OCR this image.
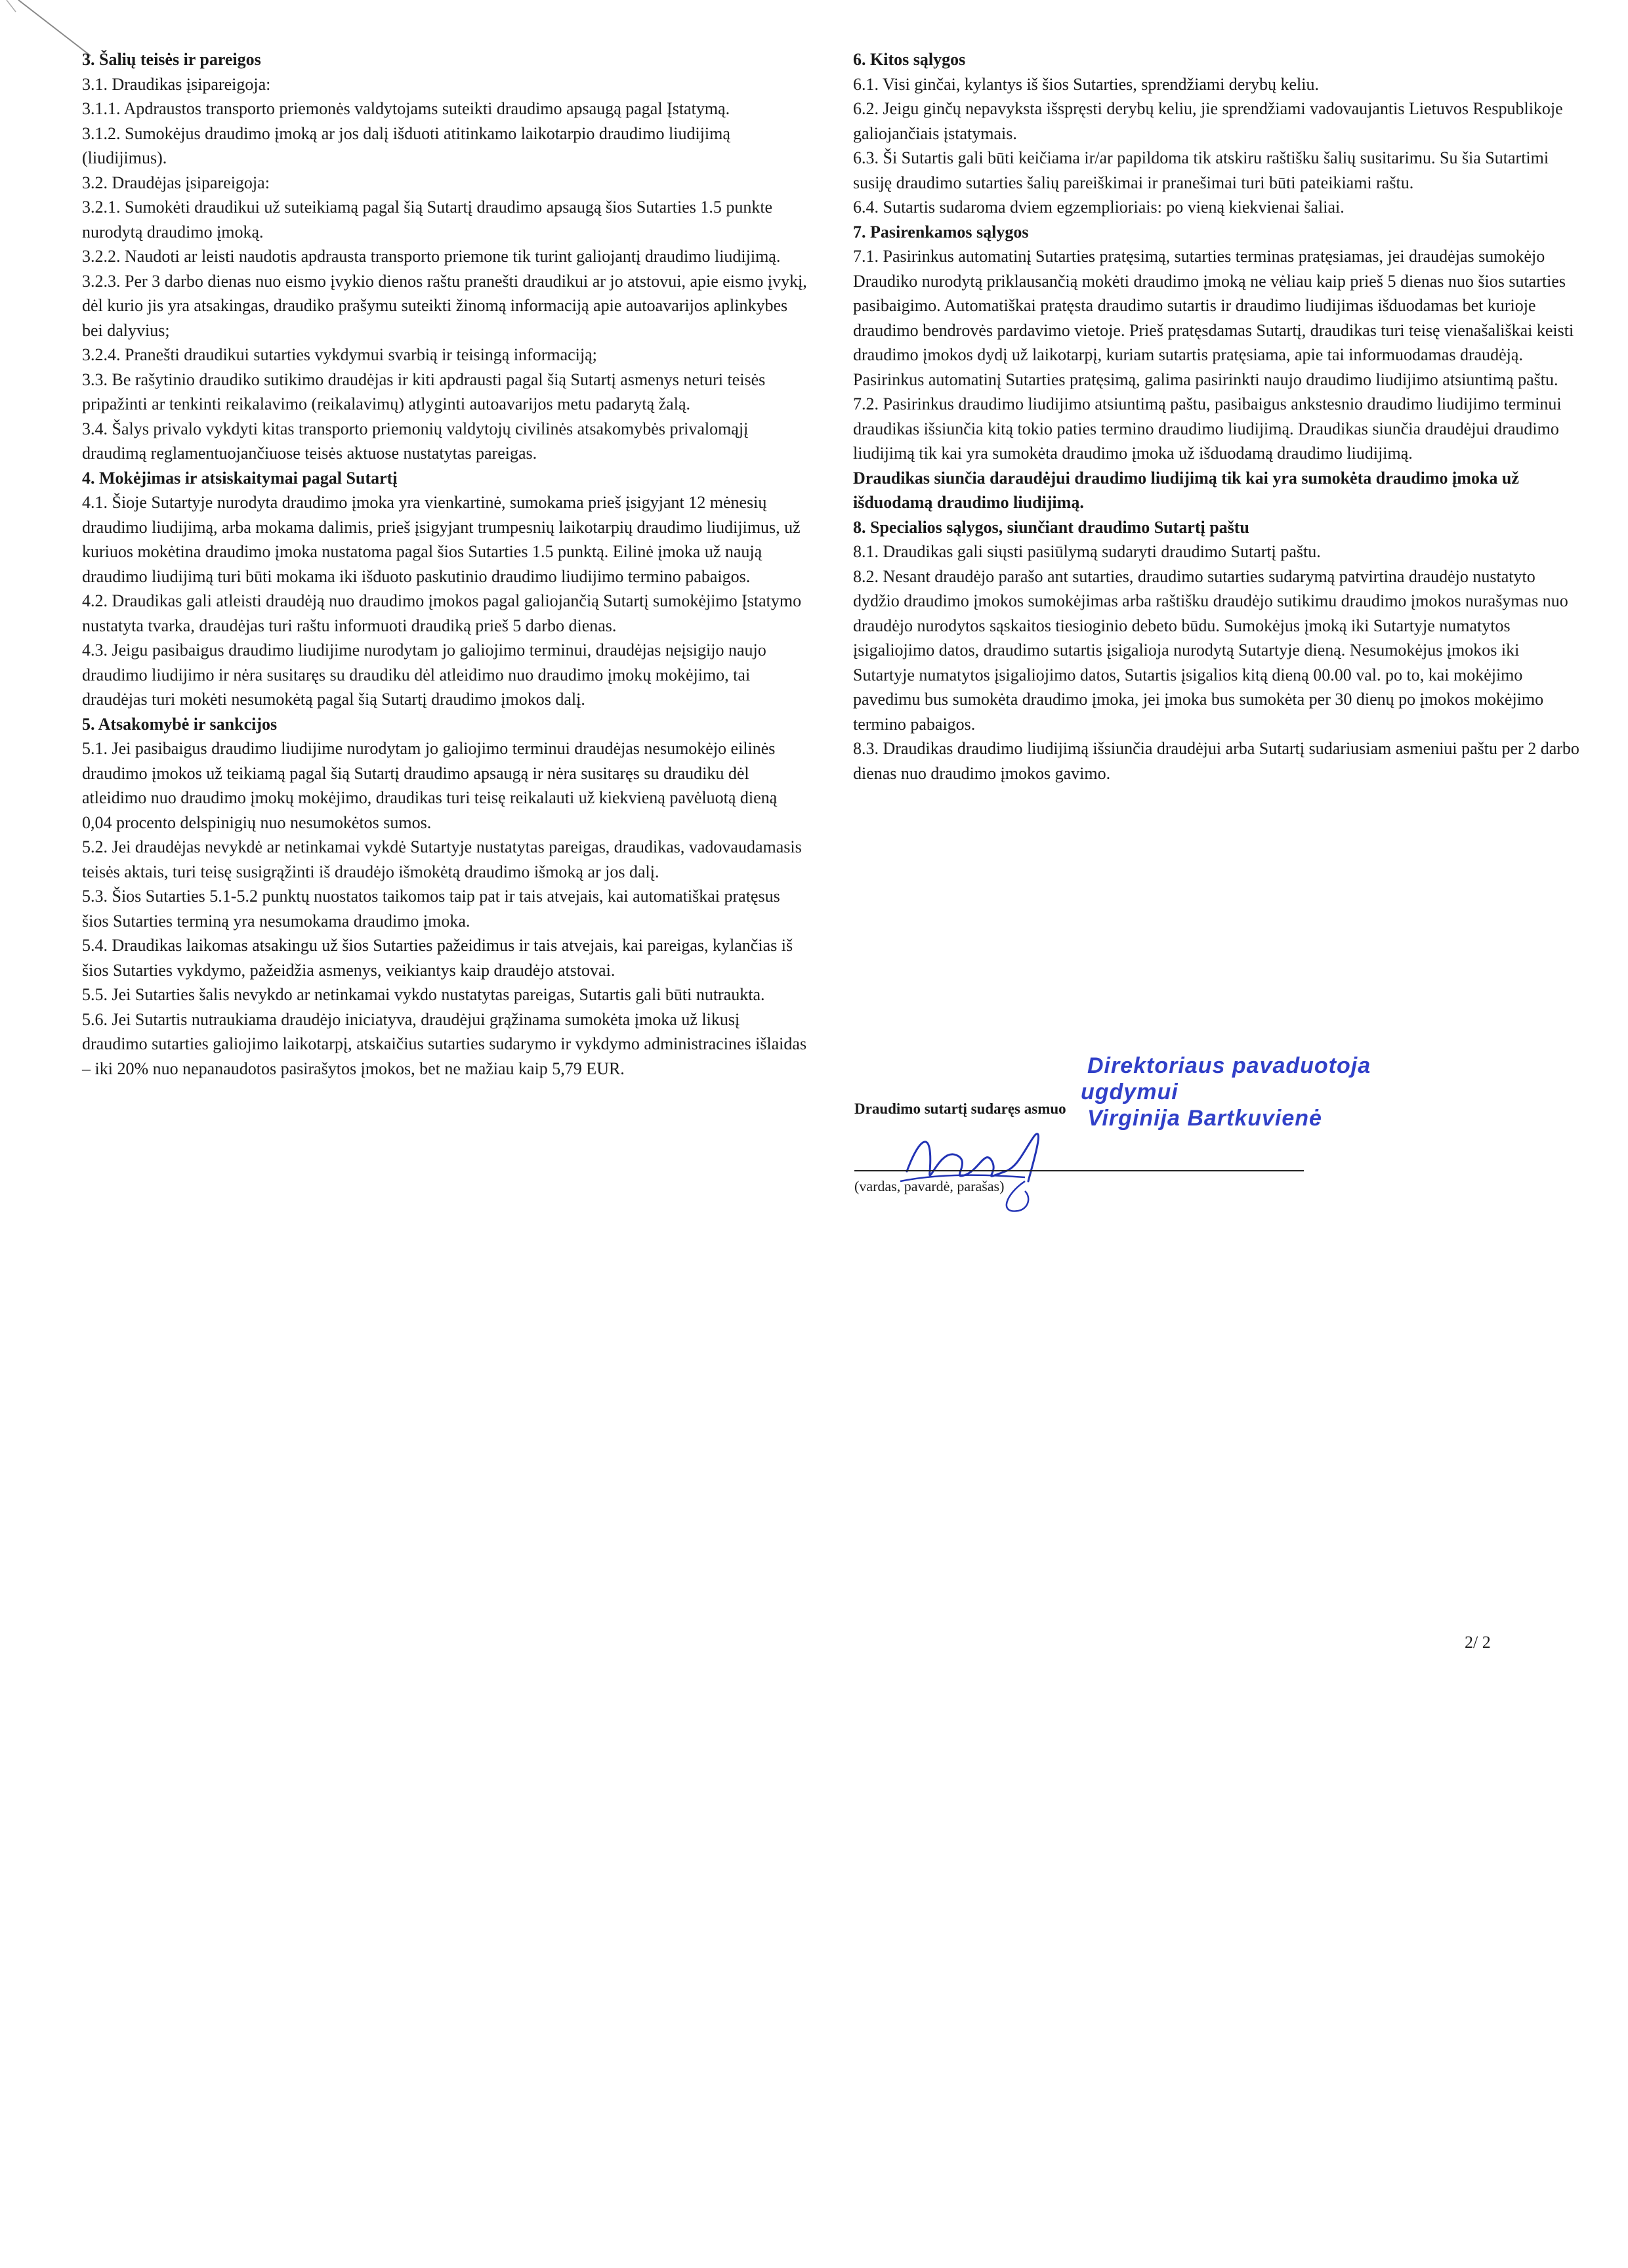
3. Šalių teisės ir pareigos

3.1. Draudikas įsipareigoja:

3.1.1. Apdraustos transporto priemonės valdytojams suteikti draudimo apsaugą pagal Įstatymą.

3.1.2. Sumokėjus draudimo įmoką ar jos dalį išduoti atitinkamo laikotarpio draudimo liudijimą (liudijimus).

3.2. Draudėjas įsipareigoja:

3.2.1. Sumokėti draudikui už suteikiamą pagal šią Sutartį draudimo apsaugą šios Sutarties 1.5 punkte nurodytą draudimo įmoką.

3.2.2. Naudoti ar leisti naudotis apdrausta transporto priemone tik turint galiojantį draudimo liudijimą.

3.2.3. Per 3 darbo dienas nuo eismo įvykio dienos raštu pranešti draudikui ar jo atstovui, apie eismo įvykį, dėl kurio jis yra atsakingas, draudiko prašymu suteikti žinomą informaciją apie autoavarijos aplinkybes bei dalyvius;

3.2.4. Pranešti draudikui sutarties vykdymui svarbią ir teisingą informaciją;

3.3. Be rašytinio draudiko sutikimo draudėjas ir kiti apdrausti pagal šią Sutartį asmenys neturi teisės pripažinti ar tenkinti reikalavimo (reikalavimų) atlyginti autoavarijos metu padarytą žalą.

3.4. Šalys privalo vykdyti kitas transporto priemonių valdytojų civilinės atsakomybės privalomąjį draudimą reglamentuojančiuose teisės aktuose nustatytas pareigas.

4. Mokėjimas ir atsiskaitymai pagal Sutartį

4.1. Šioje Sutartyje nurodyta draudimo įmoka yra vienkartinė, sumokama prieš įsigyjant 12 mėnesių draudimo liudijimą, arba mokama dalimis, prieš įsigyjant trumpesnių laikotarpių draudimo liudijimus, už kuriuos mokėtina draudimo įmoka nustatoma pagal šios Sutarties 1.5 punktą. Eilinė įmoka už naują draudimo liudijimą turi būti mokama iki išduoto paskutinio draudimo liudijimo termino pabaigos.

4.2. Draudikas gali atleisti draudėją nuo draudimo įmokos pagal galiojančią Sutartį sumokėjimo Įstatymo nustatyta tvarka, draudėjas turi raštu informuoti draudiką prieš 5 darbo dienas.

4.3. Jeigu pasibaigus draudimo liudijime nurodytam jo galiojimo terminui, draudėjas neįsigijo naujo draudimo liudijimo ir nėra susitaręs su draudiku dėl atleidimo nuo draudimo įmokų mokėjimo, tai draudėjas turi mokėti nesumokėtą pagal šią Sutartį draudimo įmokos dalį.

5. Atsakomybė ir sankcijos

5.1. Jei pasibaigus draudimo liudijime nurodytam jo galiojimo terminui draudėjas nesumokėjo eilinės draudimo įmokos už teikiamą pagal šią Sutartį draudimo apsaugą ir nėra susitaręs su draudiku dėl atleidimo nuo draudimo įmokų mokėjimo, draudikas turi teisę reikalauti už kiekvieną pavėluotą dieną 0,04 procento delspinigių nuo nesumokėtos sumos.

5.2. Jei draudėjas nevykdė ar netinkamai vykdė Sutartyje nustatytas pareigas, draudikas, vadovaudamasis teisės aktais, turi teisę susigrąžinti iš draudėjo išmokėtą draudimo išmoką ar jos dalį.

5.3. Šios Sutarties 5.1-5.2 punktų nuostatos taikomos taip pat ir tais atvejais, kai automatiškai pratęsus šios Sutarties terminą yra nesumokama draudimo įmoka.

5.4. Draudikas laikomas atsakingu už šios Sutarties pažeidimus ir tais atvejais, kai pareigas, kylančias iš šios Sutarties vykdymo, pažeidžia asmenys, veikiantys kaip draudėjo atstovai.

5.5. Jei Sutarties šalis nevykdo ar netinkamai vykdo nustatytas pareigas, Sutartis gali būti nutraukta.

5.6. Jei Sutartis nutraukiama draudėjo iniciatyva, draudėjui grąžinama sumokėta įmoka už likusį draudimo sutarties galiojimo laikotarpį, atskaičius sutarties sudarymo ir vykdymo administracines išlaidas – iki 20% nuo nepanaudotos pasirašytos įmokos, bet ne mažiau kaip 5,79 EUR.

6. Kitos sąlygos

6.1. Visi ginčai, kylantys iš šios Sutarties, sprendžiami derybų keliu.

6.2. Jeigu ginčų nepavyksta išspręsti derybų keliu, jie sprendžiami vadovaujantis Lietuvos Respublikoje galiojančiais įstatymais.

6.3. Ši Sutartis gali būti keičiama ir/ar papildoma tik atskiru raštišku šalių susitarimu. Su šia Sutartimi susiję draudimo sutarties šalių pareiškimai ir pranešimai turi būti pateikiami raštu.

6.4. Sutartis sudaroma dviem egzemplioriais: po vieną kiekvienai šaliai.

7. Pasirenkamos sąlygos

7.1. Pasirinkus automatinį Sutarties pratęsimą, sutarties terminas pratęsiamas, jei draudėjas sumokėjo Draudiko nurodytą priklausančią mokėti draudimo įmoką ne vėliau kaip prieš 5 dienas nuo šios sutarties pasibaigimo. Automatiškai pratęsta draudimo sutartis ir draudimo liudijimas išduodamas bet kurioje draudimo bendrovės pardavimo vietoje. Prieš pratęsdamas Sutartį, draudikas turi teisę vienašališkai keisti draudimo įmokos dydį už laikotarpį, kuriam sutartis pratęsiama, apie tai informuodamas draudėją. Pasirinkus automatinį Sutarties pratęsimą, galima pasirinkti naujo draudimo liudijimo atsiuntimą paštu.

7.2. Pasirinkus draudimo liudijimo atsiuntimą paštu, pasibaigus ankstesnio draudimo liudijimo terminui draudikas išsiunčia kitą tokio paties termino draudimo liudijimą. Draudikas siunčia draudėjui draudimo liudijimą tik kai yra sumokėta draudimo įmoka už išduodamą draudimo liudijimą.

Draudikas siunčia daraudėjui draudimo liudijimą tik kai yra sumokėta draudimo įmoka už išduodamą draudimo liudijimą.

8. Specialios sąlygos, siunčiant draudimo Sutartį paštu

8.1. Draudikas gali siųsti pasiūlymą sudaryti draudimo Sutartį paštu.

8.2. Nesant draudėjo parašo ant sutarties, draudimo sutarties sudarymą patvirtina draudėjo nustatyto dydžio draudimo įmokos sumokėjimas arba raštišku draudėjo sutikimu draudimo įmokos nurašymas nuo draudėjo nurodytos sąskaitos tiesioginio debeto būdu. Sumokėjus įmoką iki Sutartyje numatytos įsigaliojimo datos, draudimo sutartis įsigalioja nurodytą Sutartyje dieną. Nesumokėjus įmokos iki Sutartyje numatytos įsigaliojimo datos, Sutartis įsigalios kitą dieną 00.00 val. po to, kai mokėjimo pavedimu bus sumokėta draudimo įmoka, jei įmoka bus sumokėta per 30 dienų po įmokos mokėjimo termino pabaigos.

8.3. Draudikas draudimo liudijimą išsiunčia draudėjui arba Sutartį sudariusiam asmeniui paštu per 2 darbo dienas nuo draudimo įmokos gavimo.

Direktoriaus pavaduotoja
ugdymui
Draudimo sutartį sudaręs asmuo Virginija Bartkuvienė
(vardas, pavardė, parašas)
2/ 2
